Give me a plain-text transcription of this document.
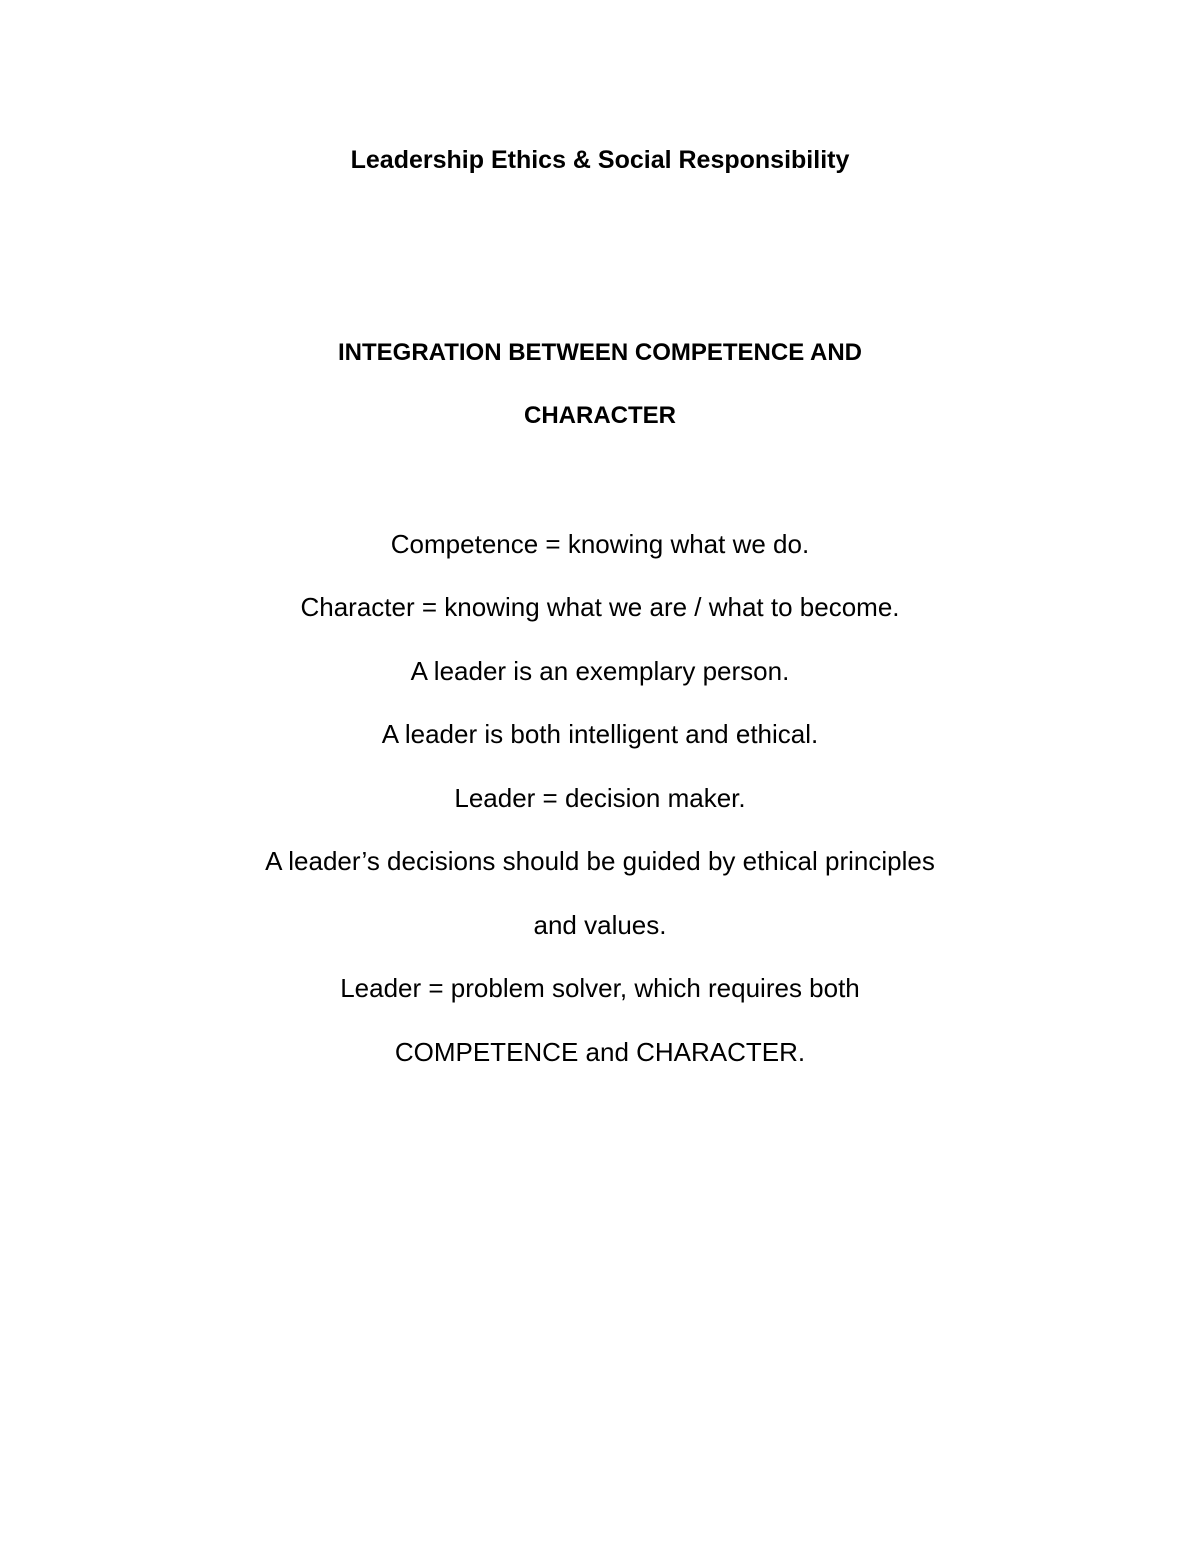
Leadership Ethics & Social Responsibility
INTEGRATION BETWEEN COMPETENCE AND
CHARACTER
Competence = knowing what we do.
Character = knowing what we are / what to become.
A leader is an exemplary person.
A leader is both intelligent and ethical.
Leader = decision maker.
A leader’s decisions should be guided by ethical principles
and values.
Leader = problem solver, which requires both
COMPETENCE and CHARACTER.
